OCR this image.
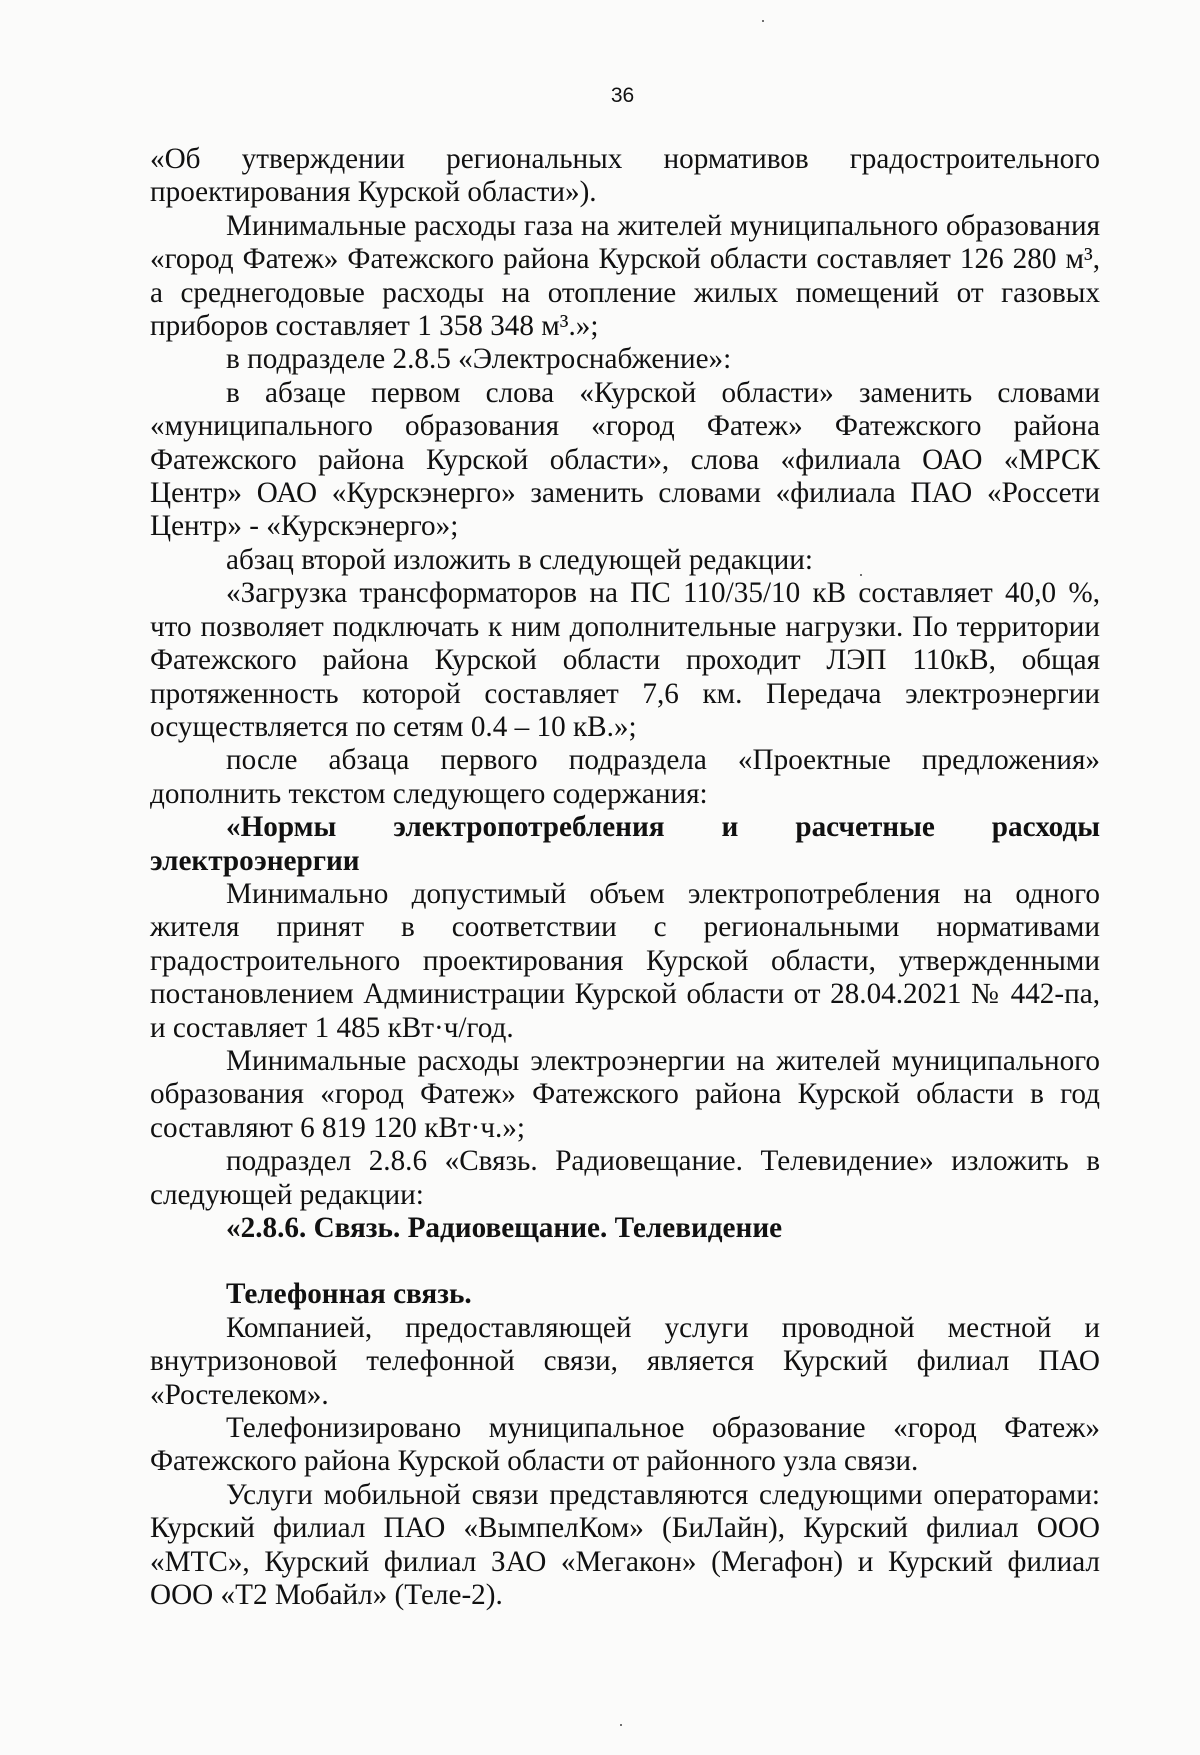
36

«Об утверждении региональных нормативов градостроительного проектирования Курской области»).

Минимальные расходы газа на жителей муниципального образования «город Фатеж» Фатежского района Курской области составляет 126 280 м³, а среднегодовые расходы на отопление жилых помещений от газовых приборов составляет 1 358 348 м³.»;

в подразделе 2.8.5 «Электроснабжение»:

в абзаце первом слова «Курской области» заменить словами «муниципального образования «город Фатеж» Фатежского района Фатежского района Курской области», слова «филиала ОАО «МРСК Центр» ОАО «Курскэнерго» заменить словами «филиала ПАО «Россети Центр» - «Курскэнерго»;

абзац второй изложить в следующей редакции:

«Загрузка трансформаторов на ПС 110/35/10 кВ составляет 40,0 %, что позволяет подключать к ним дополнительные нагрузки. По территории Фатежского района Курской области проходит ЛЭП 110кВ, общая протяженность которой составляет 7,6 км. Передача электроэнергии осуществляется по сетям 0.4 – 10 кВ.»;

после абзаца первого подраздела «Проектные предложения» дополнить текстом следующего содержания:

«Нормы электропотребления и расчетные расходы электроэнергии

Минимально допустимый объем электропотребления на одного жителя принят в соответствии с региональными нормативами градостроительного проектирования Курской области, утвержденными постановлением Администрации Курской области от 28.04.2021 № 442-па, и составляет 1 485 кВт·ч/год.

Минимальные расходы электроэнергии на жителей муниципального образования «город Фатеж» Фатежского района Курской области в год составляют 6 819 120 кВт·ч.»;

подраздел 2.8.6 «Связь. Радиовещание. Телевидение» изложить в следующей редакции:

«2.8.6. Связь. Радиовещание. Телевидение

Телефонная связь.

Компанией, предоставляющей услуги проводной местной и внутризоновой телефонной связи, является Курский филиал ПАО «Ростелеком».

Телефонизировано муниципальное образование «город Фатеж» Фатежского района Курской области от районного узла связи.

Услуги мобильной связи представляются следующими операторами: Курский филиал ПАО «ВымпелКом» (БиЛайн), Курский филиал ООО «МТС», Курский филиал ЗАО «Мегакон» (Мегафон) и Курский филиал ООО «Т2 Мобайл» (Теле-2).
